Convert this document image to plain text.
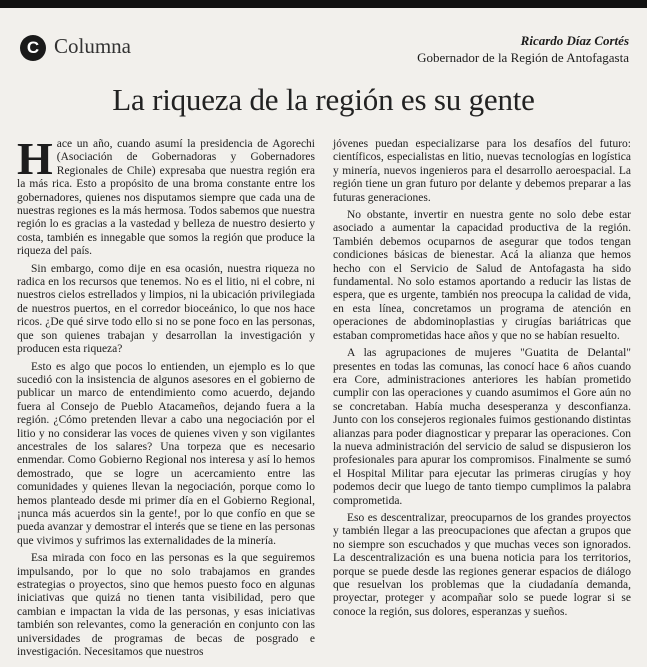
C Columna	Ricardo Díaz Cortés
Gobernador de la Región de Antofagasta
La riqueza de la región es su gente

Hace un año, cuando asumí la presidencia de Agorechi (Asociación de Gobernadoras y Gobernadores Regionales de Chile) expresaba que nuestra región era la más rica. Esto a propósito de una broma constante entre los gobernadores, quienes nos disputamos siempre que cada una de nuestras regiones es la más hermosa. Todos sabemos que nuestra región lo es gracias a la vastedad y belleza de nuestro desierto y costa, también es innegable que somos la región que produce la riqueza del país.

Sin embargo, como dije en esa ocasión, nuestra riqueza no radica en los recursos que tenemos. No es el litio, ni el cobre, ni nuestros cielos estrellados y limpios, ni la ubicación privilegiada de nuestros puertos, en el corredor bioceánico, lo que nos hace ricos. ¿De qué sirve todo ello si no se pone foco en las personas, que son quienes trabajan y desarrollan la investigación y producen esta riqueza?

Esto es algo que pocos lo entienden, un ejemplo es lo que sucedió con la insistencia de algunos asesores en el gobierno de publicar un marco de entendimiento como acuerdo, dejando fuera al Consejo de Pueblo Atacameños, dejando fuera a la región. ¿Cómo pretenden llevar a cabo una negociación por el litio y no considerar las voces de quienes viven y son vigilantes ancestrales de los salares? Una torpeza que es necesario enmendar. Como Gobierno Regional nos interesa y así lo hemos demostrado, que se logre un acercamiento entre las comunidades y quienes llevan la negociación, porque como lo hemos planteado desde mi primer día en el Gobierno Regional, ¡nunca más acuerdos sin la gente!, por lo que confío en que se pueda avanzar y demostrar el interés que se tiene en las personas que vivimos y sufrimos las externalidades de la minería.

Esa mirada con foco en las personas es la que seguiremos impulsando, por lo que no solo trabajamos en grandes estrategias o proyectos, sino que hemos puesto foco en algunas iniciativas que quizá no tienen tanta visibilidad, pero que cambian e impactan la vida de las personas, y esas iniciativas también son relevantes, como la generación en conjunto con las universidades de programas de becas de posgrado e investigación. Necesitamos que nuestros

jóvenes puedan especializarse para los desafíos del futuro: científicos, especialistas en litio, nuevas tecnologías en logística y minería, nuevos ingenieros para el desarrollo aeroespacial. La región tiene un gran futuro por delante y debemos preparar a las futuras generaciones.

No obstante, invertir en nuestra gente no solo debe estar asociado a aumentar la capacidad productiva de la región. También debemos ocuparnos de asegurar que todos tengan condiciones básicas de bienestar. Acá la alianza que hemos hecho con el Servicio de Salud de Antofagasta ha sido fundamental. No solo estamos aportando a reducir las listas de espera, que es urgente, también nos preocupa la calidad de vida, en esta línea, concretamos un programa de atención en operaciones de abdominoplastias y cirugías bariátricas que estaban comprometidas hace años y que no se habían resuelto.

A las agrupaciones de mujeres "Guatita de Delantal" presentes en todas las comunas, las conocí hace 6 años cuando era Core, administraciones anteriores les habían prometido cumplir con las operaciones y cuando asumimos el Gore aún no se concretaban. Había mucha desesperanza y desconfianza. Junto con los consejeros regionales fuimos gestionando distintas alianzas para poder diagnosticar y preparar las operaciones. Con la nueva administración del servicio de salud se dispusieron los profesionales para apurar los compromisos. Finalmente se sumó el Hospital Militar para ejecutar las primeras cirugías y hoy podemos decir que luego de tanto tiempo cumplimos la palabra comprometida.

Eso es descentralizar, preocuparnos de los grandes proyectos y también llegar a las preocupaciones que afectan a grupos que no siempre son escuchados y que muchas veces son ignorados. La descentralización es una buena noticia para los territorios, porque se puede desde las regiones generar espacios de diálogo que resuelvan los problemas que la ciudadanía demanda, proyectar, proteger y acompañar solo se puede lograr si se conoce la región, sus dolores, esperanzas y sueños.
